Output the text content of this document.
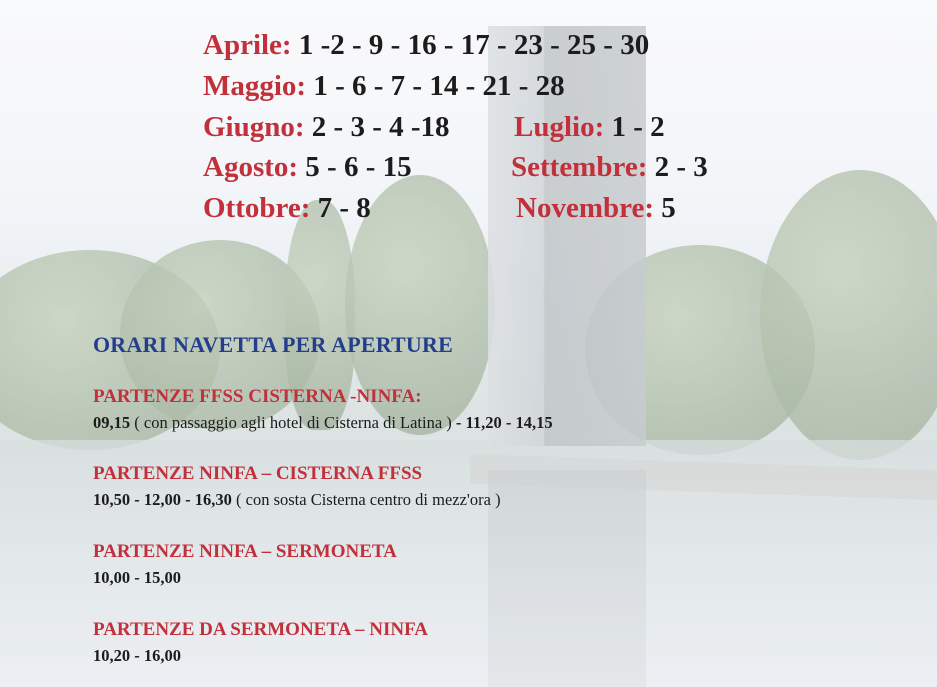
Aprile: 1 -2 - 9 - 16 - 17 - 23 - 25 - 30
Maggio: 1 - 6 - 7 - 14 - 21 - 28
Giugno: 2 - 3 - 4 -18 Luglio: 1 - 2
Agosto: 5 - 6 - 15	Settembre: 2 - 3
Ottobre: 7 - 8	Novembre: 5
ORARI NAVETTA PER APERTURE
PARTENZE FFSS CISTERNA -NINFA:
09,15 ( con passaggio agli hotel di Cisterna di Latina ) - 11,20 - 14,15
PARTENZE NINFA – CISTERNA FFSS
10,50 - 12,00 - 16,30 ( con sosta Cisterna centro di mezz'ora )
PARTENZE NINFA – SERMONETA
10,00 - 15,00
PARTENZE DA SERMONETA – NINFA
10,20 - 16,00
